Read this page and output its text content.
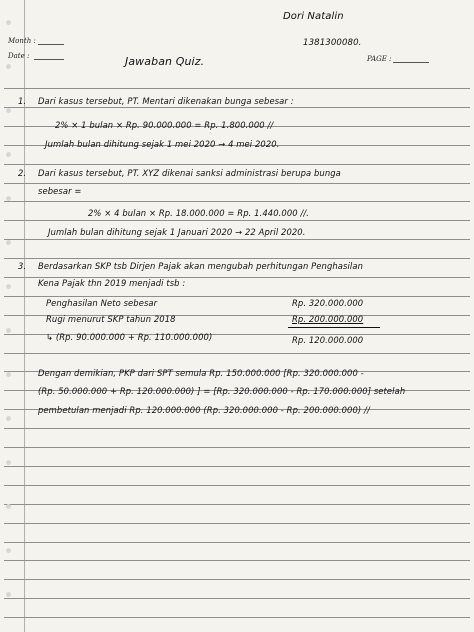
Month :
Date :	PAGE :
Dori Natalin
1381300080.
Jawaban Quiz.
1. Dari kasus tersebut, PT. Mentari dikenakan bunga sebesar :
2% × 1 bulan × Rp. 90.000.000 = Rp. 1.800.000 //
Jumlah bulan dihitung sejak 1 mei 2020 → 4 mei 2020.
2. Dari kasus tersebut, PT. XYZ dikenai sanksi administrasi berupa bunga
sebesar =
2% × 4 bulan × Rp. 18.000.000 = Rp. 1.440.000 //.
Jumlah bulan dihitung sejak 1 Januari 2020 → 22 April 2020.
3. Berdasarkan SKP tsb Dirjen Pajak akan mengubah perhitungan Penghasilan
Kena Pajak thn 2019 menjadi tsb :
Penghasilan Neto sebesar	Rp. 320.000.000
Rugi menurut SKP tahun 2018	Rp. 200.000.000
↳ (Rp. 90.000.000 + Rp. 110.000.000)	Rp. 120.000.000
Dengan demikian, PKP dari SPT semula Rp. 150.000.000 [Rp. 320.000.000 -
(Rp. 50.000.000 + Rp. 120.000.000) ] = [Rp. 320.000.000 - Rp. 170.000.000] setelah
pembetulan menjadi Rp. 120.000.000 (Rp. 320.000.000 - Rp. 200.000.000) //
